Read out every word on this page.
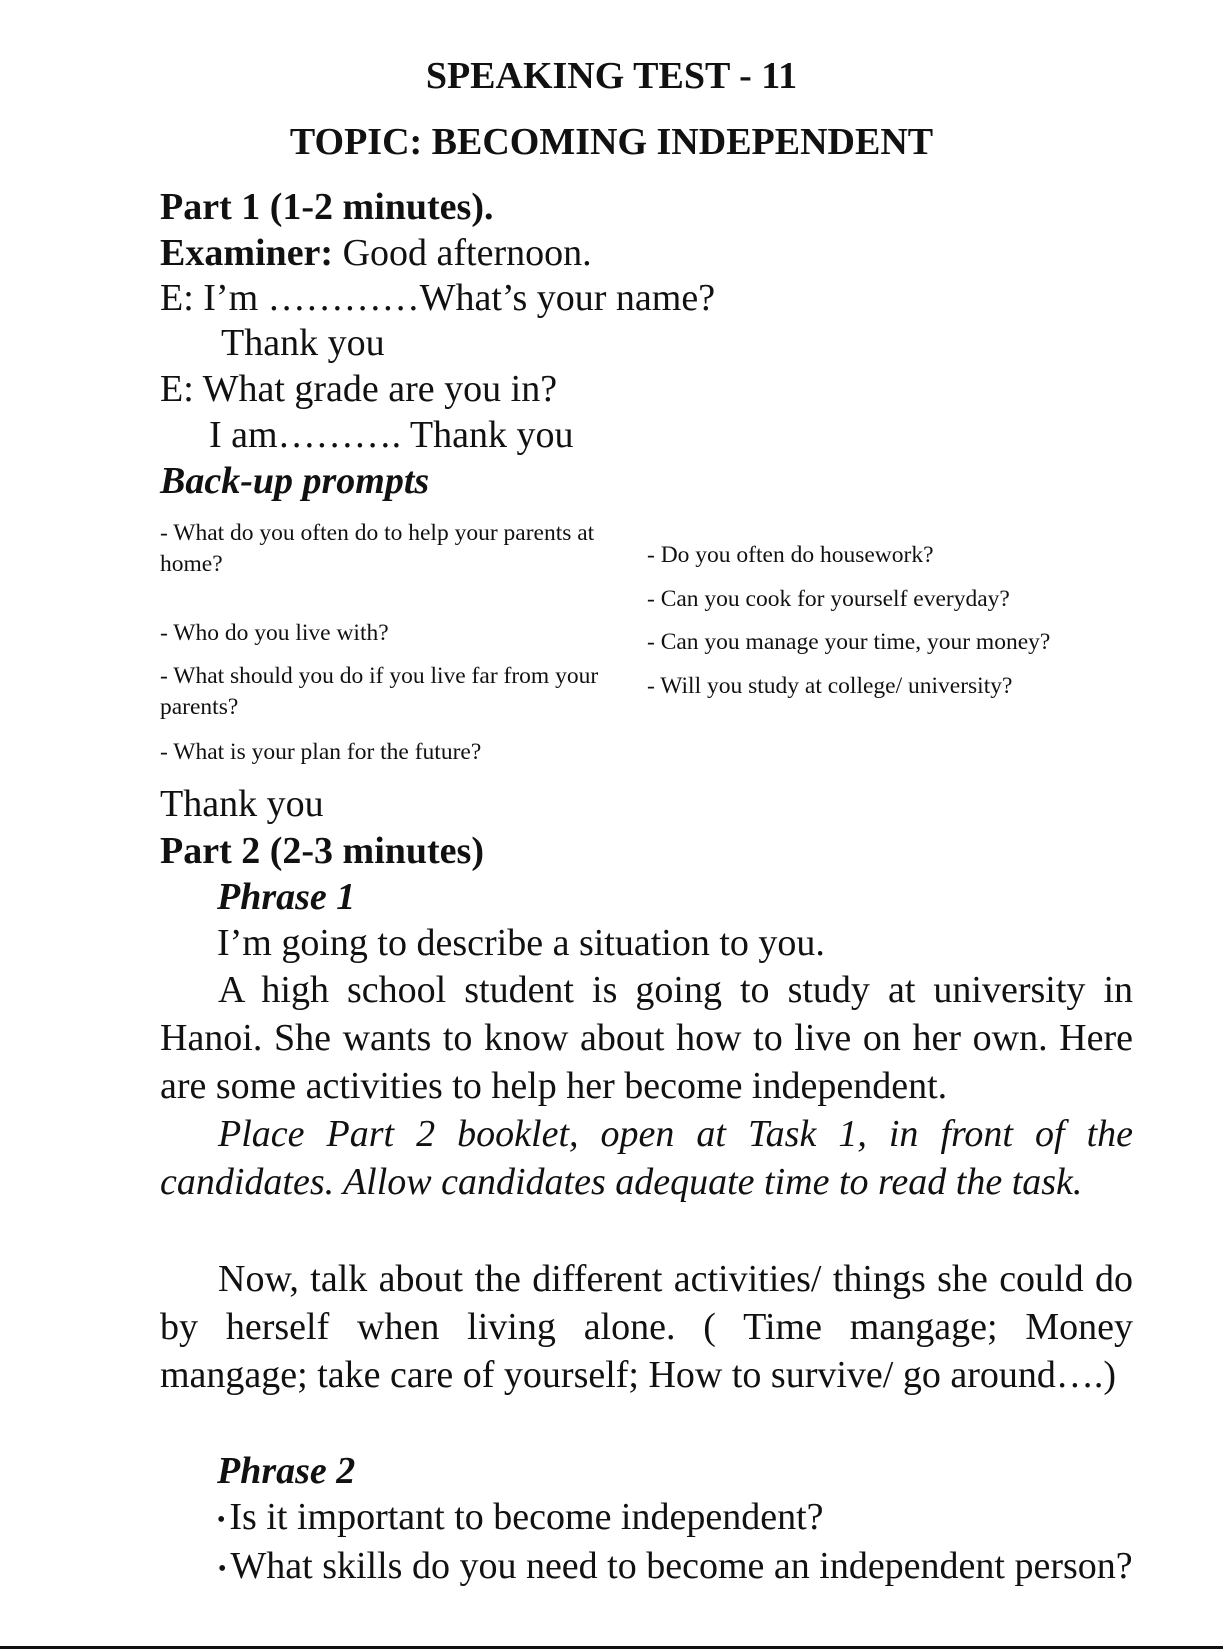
SPEAKING TEST - 11
TOPIC: BECOMING INDEPENDENT
Part 1 (1-2 minutes).
Examiner: Good afternoon.
E: I’m …………What’s your name?
Thank you
E: What grade are you in?
I am………. Thank you
Back-up prompts
- What do you often do to help your parents at home?
- Who do you live with?
- What should you do if you live far from your parents?
- What is your plan for the future?
- Do you often do housework?
- Can you cook for yourself everyday?
- Can you manage your time, your money?
- Will you study at college/ university?
Thank you
Part 2 (2-3 minutes)
Phrase 1
I’m going to describe a situation to you.
A high school student is going to study at university in Hanoi. She wants to know about how to live on her own. Here are some activities to help her become independent.
Place Part 2 booklet, open at Task 1, in front of the candidates. Allow candidates adequate time to read the task.
Now, talk about the different activities/ things she could do by herself when living alone. ( Time mangage; Money mangage; take care of yourself; How to survive/ go around….)
Phrase 2
• Is it important to become independent?
• What skills do you need to become an independent person?
